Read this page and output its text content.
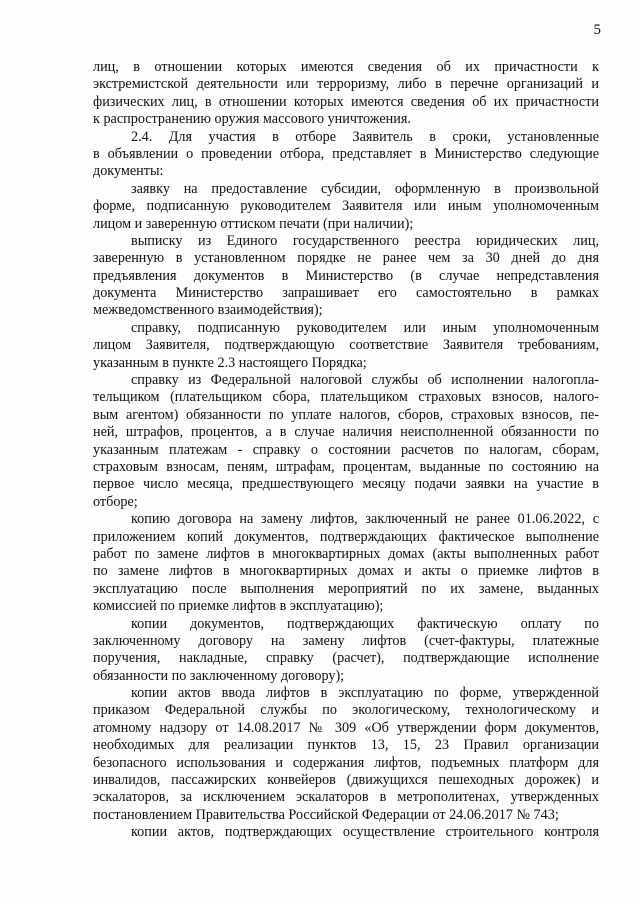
5
лиц, в отношении которых имеются сведения об их причастности к
экстремистской деятельности или терроризму, либо в перечне организаций и
физических лиц, в отношении которых имеются сведения об их причастности
к распространению оружия массового уничтожения.
2.4. Для участия в отборе Заявитель в сроки, установленные
в объявлении о проведении отбора, представляет в Министерство следующие
документы:
заявку на предоставление субсидии, оформленную в произвольной
форме, подписанную руководителем Заявителя или иным уполномоченным
лицом и заверенную оттиском печати (при наличии);
выписку из Единого государственного реестра юридических лиц,
заверенную в установленном порядке не ранее чем за 30 дней до дня
предъявления документов в Министерство (в случае непредставления
документа Министерство запрашивает его самостоятельно в рамках
межведомственного взаимодействия);
справку, подписанную руководителем или иным уполномоченным
лицом Заявителя, подтверждающую соответствие Заявителя требованиям,
указанным в пункте 2.3 настоящего Порядка;
справку из Федеральной налоговой службы об исполнении налогопла-
тельщиком (плательщиком сбора, плательщиком страховых взносов, налого-
вым агентом) обязанности по уплате налогов, сборов, страховых взносов, пе-
ней, штрафов, процентов, а в случае наличия неисполненной обязанности по
указанным платежам - справку о состоянии расчетов по налогам, сборам,
страховым взносам, пеням, штрафам, процентам, выданные по состоянию на
первое число месяца, предшествующего месяцу подачи заявки на участие в
отборе;
копию договора на замену лифтов, заключенный не ранее 01.06.2022, с
приложением копий документов, подтверждающих фактическое выполнение
работ по замене лифтов в многоквартирных домах (акты выполненных работ
по замене лифтов в многоквартирных домах и акты о приемке лифтов в
эксплуатацию после выполнения мероприятий по их замене, выданных
комиссией по приемке лифтов в эксплуатацию);
копии документов, подтверждающих фактическую оплату по
заключенному договору на замену лифтов (счет-фактуры, платежные
поручения, накладные, справку (расчет), подтверждающие исполнение
обязанности по заключенному договору);
копии актов ввода лифтов в эксплуатацию по форме, утвержденной
приказом Федеральной службы по экологическому, технологическому и
атомному надзору от 14.08.2017 № 309 «Об утверждении форм документов,
необходимых для реализации пунктов 13, 15, 23 Правил организации
безопасного использования и содержания лифтов, подъемных платформ для
инвалидов, пассажирских конвейеров (движущихся пешеходных дорожек) и
эскалаторов, за исключением эскалаторов в метрополитенах, утвержденных
постановлением Правительства Российской Федерации от 24.06.2017 № 743;
копии актов, подтверждающих осуществление строительного контроля
